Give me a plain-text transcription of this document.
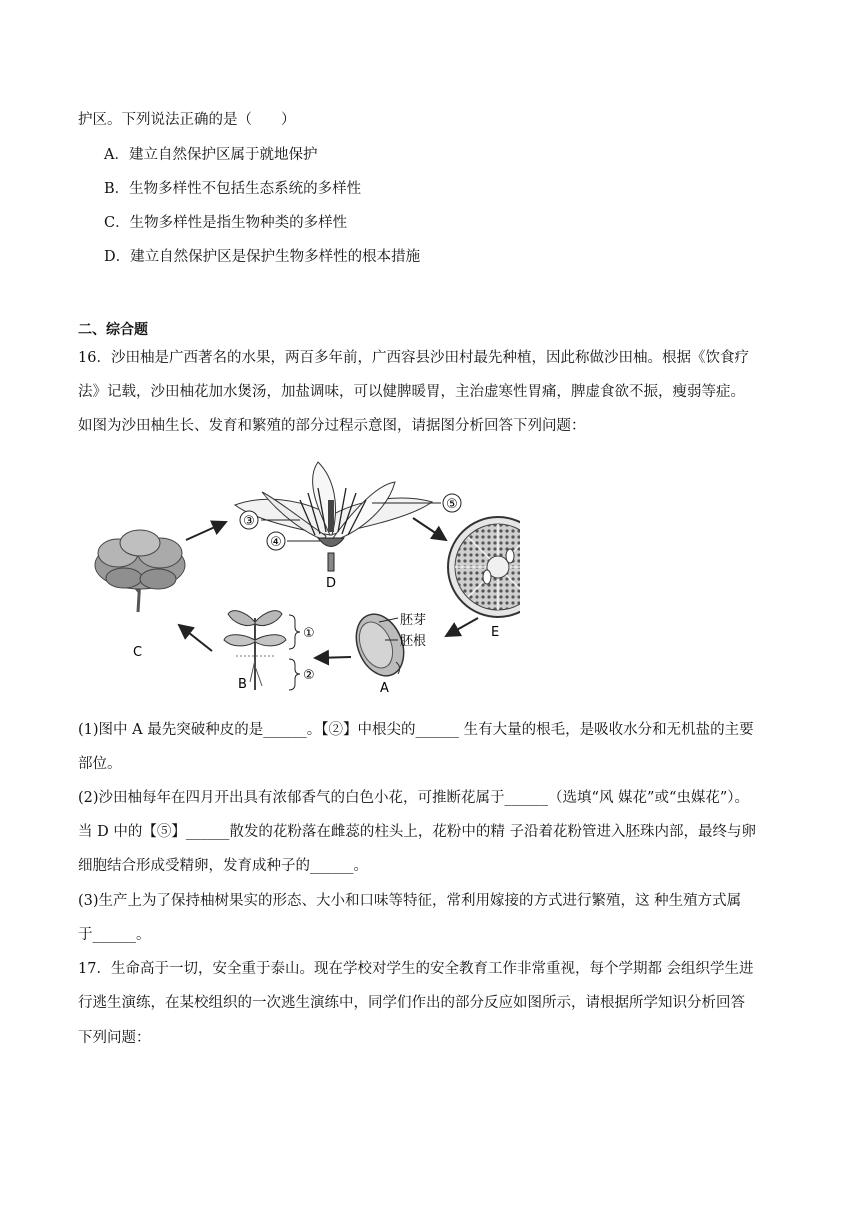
护区。下列说法正确的是（　　）
A．建立自然保护区属于就地保护
B．生物多样性不包括生态系统的多样性
C．生物多样性是指生物种类的多样性
D．建立自然保护区是保护生物多样性的根本措施
二、综合题
16．沙田柚是广西著名的水果，两百多年前，广西容县沙田村最先种植，因此称做沙田柚。根据《饮食疗
法》记载，沙田柚花加水煲汤，加盐调味，可以健脾暖胃，主治虚寒性胃痛，脾虚食欲不振，瘦弱等症。
如图为沙田柚生长、发育和繁殖的部分过程示意图，请据图分析回答下列问题：
C
D
③
④
⑤
E
A
胚芽
胚根
B
①
②
(1)图中 A 最先突破种皮的是______。【②】中根尖的______ 生有大量的根毛，是吸收水分和无机盐的主要
部位。
(2)沙田柚每年在四月开出具有浓郁香气的白色小花，可推断花属于______（选填“风 媒花”或“虫媒花”）。
当 D 中的【⑤】______散发的花粉落在雌蕊的柱头上，花粉中的精 子沿着花粉管进入胚珠内部，最终与卵
细胞结合形成受精卵，发育成种子的______。
(3)生产上为了保持柚树果实的形态、大小和口味等特征，常利用嫁接的方式进行繁殖，这 种生殖方式属
于______。
17．生命高于一切，安全重于泰山。现在学校对学生的安全教育工作非常重视，每个学期都 会组织学生进
行逃生演练，在某校组织的一次逃生演练中，同学们作出的部分反应如图所示，请根据所学知识分析回答
下列问题：
